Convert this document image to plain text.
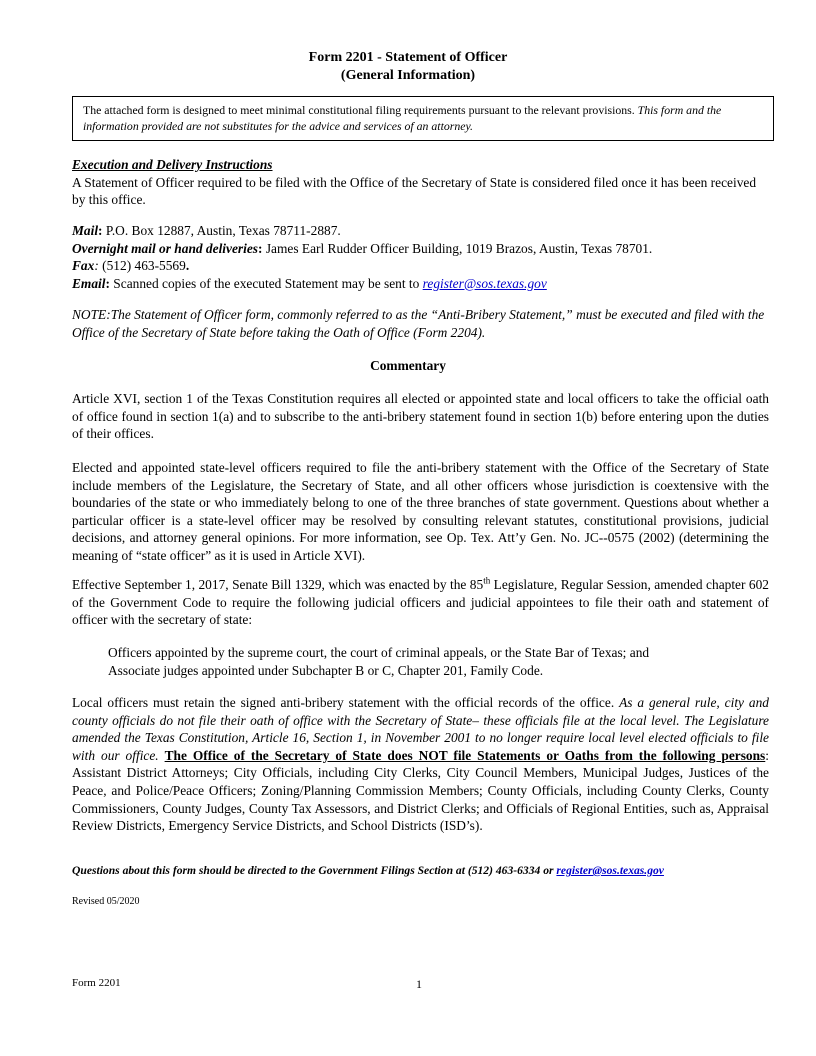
Form 2201 - Statement of Officer
(General Information)
The attached form is designed to meet minimal constitutional filing requirements pursuant to the relevant provisions. This form and the information provided are not substitutes for the advice and services of an attorney.
Execution and Delivery Instructions
A Statement of Officer required to be filed with the Office of the Secretary of State is considered filed once it has been received by this office.
Mail: P.O. Box 12887, Austin, Texas 78711-2887.
Overnight mail or hand deliveries: James Earl Rudder Officer Building, 1019 Brazos, Austin, Texas 78701.
Fax: (512) 463-5569.
Email: Scanned copies of the executed Statement may be sent to register@sos.texas.gov
NOTE:The Statement of Officer form, commonly referred to as the “Anti-Bribery Statement,” must be executed and filed with the Office of the Secretary of State before taking the Oath of Office (Form 2204).
Commentary
Article XVI, section 1 of the Texas Constitution requires all elected or appointed state and local officers to take the official oath of office found in section 1(a) and to subscribe to the anti-bribery statement found in section 1(b) before entering upon the duties of their offices.
Elected and appointed state-level officers required to file the anti-bribery statement with the Office of the Secretary of State include members of the Legislature, the Secretary of State, and all other officers whose jurisdiction is coextensive with the boundaries of the state or who immediately belong to one of the three branches of state government. Questions about whether a particular officer is a state-level officer may be resolved by consulting relevant statutes, constitutional provisions, judicial decisions, and attorney general opinions. For more information, see Op. Tex. Att’y Gen. No. JC--0575 (2002) (determining the meaning of “state officer” as it is used in Article XVI).
Effective September 1, 2017, Senate Bill 1329, which was enacted by the 85th Legislature, Regular Session, amended chapter 602 of the Government Code to require the following judicial officers and judicial appointees to file their oath and statement of officer with the secretary of state:
Officers appointed by the supreme court, the court of criminal appeals, or the State Bar of Texas; and
Associate judges appointed under Subchapter B or C, Chapter 201, Family Code.
Local officers must retain the signed anti-bribery statement with the official records of the office. As a general rule, city and county officials do not file their oath of office with the Secretary of State– these officials file at the local level. The Legislature amended the Texas Constitution, Article 16, Section 1, in November 2001 to no longer require local level elected officials to file with our office. The Office of the Secretary of State does NOT file Statements or Oaths from the following persons: Assistant District Attorneys; City Officials, including City Clerks, City Council Members, Municipal Judges, Justices of the Peace, and Police/Peace Officers; Zoning/Planning Commission Members; County Officials, including County Clerks, County Commissioners, County Judges, County Tax Assessors, and District Clerks; and Officials of Regional Entities, such as, Appraisal Review Districts, Emergency Service Districts, and School Districts (ISD’s).
Questions about this form should be directed to the Government Filings Section at (512) 463-6334 or register@sos.texas.gov
Revised 05/2020
Form 2201	1
